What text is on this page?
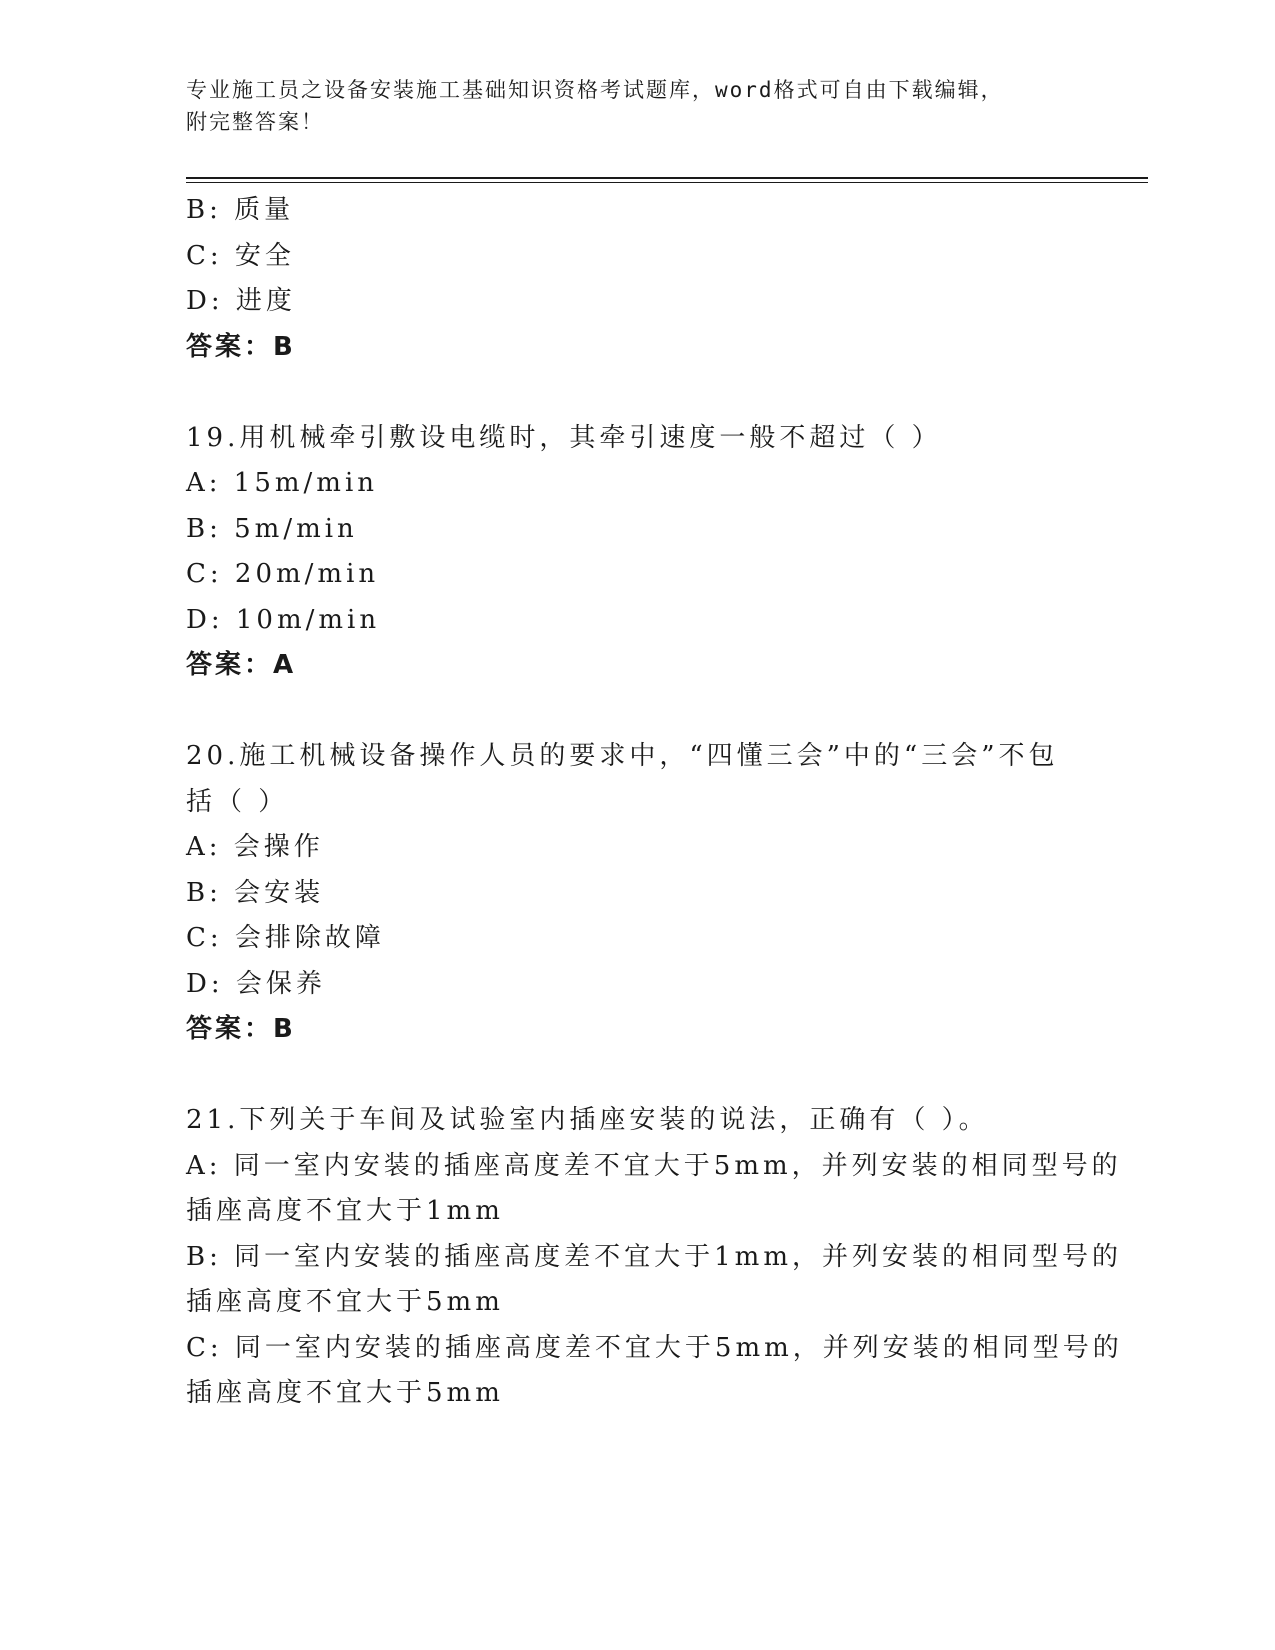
专业施工员之设备安装施工基础知识资格考试题库，word格式可自由下载编辑，
附完整答案！
B: 质量
C: 安全
D: 进度
答案：B
19.用机械牵引敷设电缆时，其牵引速度一般不超过（ ）
A: 15m/min
B: 5m/min
C: 20m/min
D: 10m/min
答案：A
20.施工机械设备操作人员的要求中，“四懂三会”中的“三会”不包
括（ ）
A: 会操作
B: 会安装
C: 会排除故障
D: 会保养
答案：B
21.下列关于车间及试验室内插座安装的说法，正确有（ ）。
A: 同一室内安装的插座高度差不宜大于5mm，并列安装的相同型号的
插座高度不宜大于1mm
B: 同一室内安装的插座高度差不宜大于1mm，并列安装的相同型号的
插座高度不宜大于5mm
C: 同一室内安装的插座高度差不宜大于5mm，并列安装的相同型号的
插座高度不宜大于5mm
